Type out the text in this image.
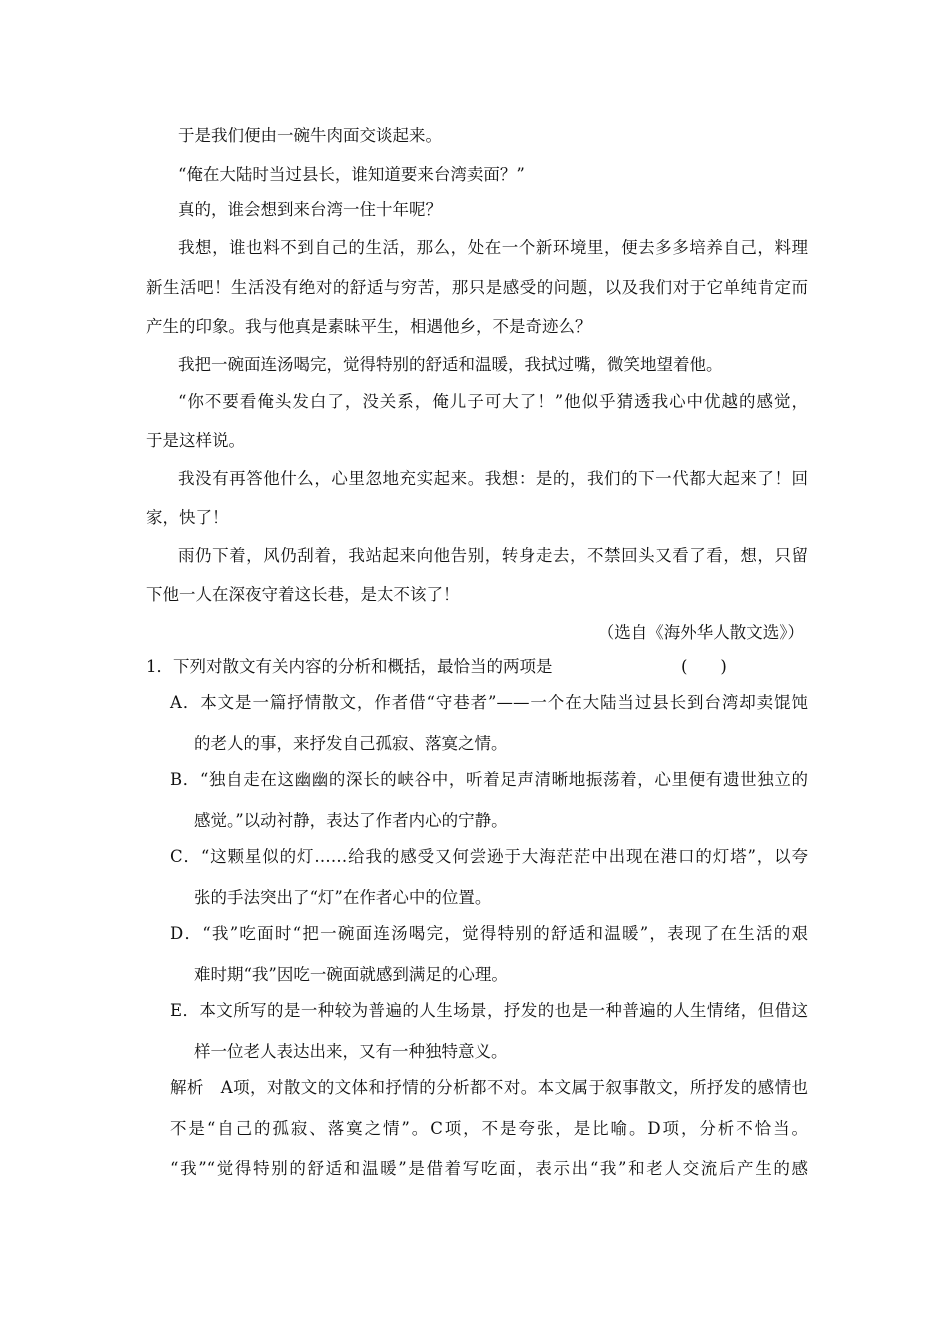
于是我们便由一碗牛肉面交谈起来。
“俺在大陆时当过县长，谁知道要来台湾卖面？”
真的，谁会想到来台湾一住十年呢？
我想，谁也料不到自己的生活，那么，处在一个新环境里，便去多多培养自己，料理
新生活吧！生活没有绝对的舒适与穷苦，那只是感受的问题，以及我们对于它单纯肯定而
产生的印象。我与他真是素昧平生，相遇他乡，不是奇迹么？
我把一碗面连汤喝完，觉得特别的舒适和温暖，我拭过嘴，微笑地望着他。
“你不要看俺头发白了，没关系，俺儿子可大了！”他似乎猜透我心中优越的感觉，
于是这样说。
我没有再答他什么，心里忽地充实起来。我想：是的，我们的下一代都大起来了！回
家，快了！
雨仍下着，风仍刮着，我站起来向他告别，转身走去，不禁回头又看了看，想，只留
下他一人在深夜守着这长巷，是太不该了！
（选自《海外华人散文选》）
1．下列对散文有关内容的分析和概括，最恰当的两项是	(　　)
A．本文是一篇抒情散文，作者借“守巷者”——一个在大陆当过县长到台湾却卖馄饨
的老人的事，来抒发自己孤寂、落寞之情。
B．“独自走在这幽幽的深长的峡谷中，听着足声清晰地振荡着，心里便有遗世独立的
感觉。”以动衬静，表达了作者内心的宁静。
C．“这颗星似的灯……给我的感受又何尝逊于大海茫茫中出现在港口的灯塔”，以夸
张的手法突出了“灯”在作者心中的位置。
D．“我”吃面时“把一碗面连汤喝完，觉得特别的舒适和温暖”，表现了在生活的艰
难时期“我”因吃一碗面就感到满足的心理。
E．本文所写的是一种较为普遍的人生场景，抒发的也是一种普遍的人生情绪，但借这
样一位老人表达出来，又有一种独特意义。
解析　A项，对散文的文体和抒情的分析都不对。本文属于叙事散文，所抒发的感情也
不是“自己的孤寂、落寞之情”。C项，不是夸张，是比喻。D项，分析不恰当。
“我”“觉得特别的舒适和温暖”是借着写吃面，表示出“我”和老人交流后产生的感
